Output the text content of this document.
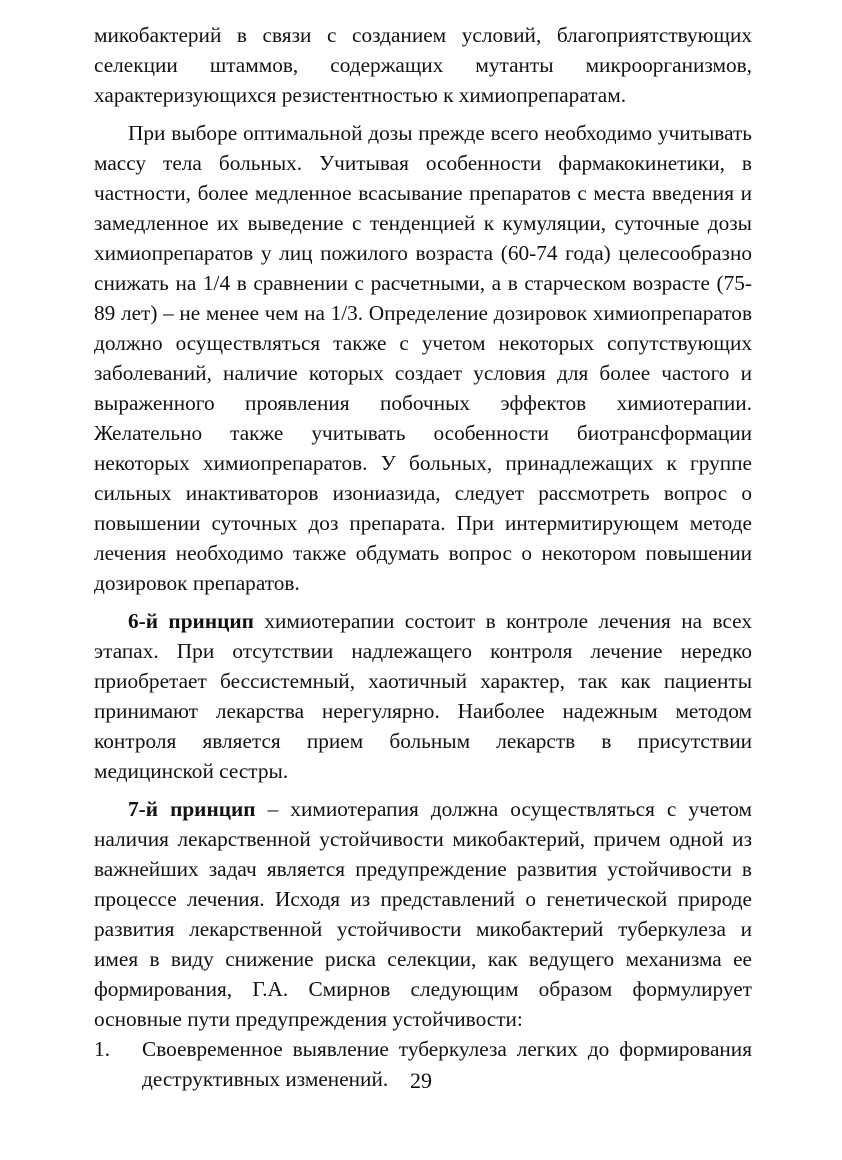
микобактерий в связи с созданием условий, благоприятствующих селекции штаммов, содержащих мутанты микроорганизмов, характеризующихся резистентностью к химиопрепаратам.

При выборе оптимальной дозы прежде всего необходимо учитывать массу тела больных. Учитывая особенности фармакокинетики, в частности, более медленное всасывание препаратов с места введения и замедленное их выведение с тенденцией к кумуляции, суточные дозы химиопрепаратов у лиц пожилого возраста (60-74 года) целесообразно снижать на 1/4 в сравнении с расчетными, а в старческом возрасте (75-89 лет) – не менее чем на 1/3. Определение дозировок химиопрепаратов должно осуществляться также с учетом некоторых сопутствующих заболеваний, наличие которых создает условия для более частого и выраженного проявления побочных эффектов химиотерапии. Желательно также учитывать особенности биотрансформации некоторых химиопрепаратов. У больных, принадлежащих к группе сильных инактиваторов изониазида, следует рассмотреть вопрос о повышении суточных доз препарата. При интермитирующем методе лечения необходимо также обдумать вопрос о некотором повышении дозировок препаратов.

6-й принцип химиотерапии состоит в контроле лечения на всех этапах. При отсутствии надлежащего контроля лечение нередко приобретает бессистемный, хаотичный характер, так как пациенты принимают лекарства нерегулярно. Наиболее надежным методом контроля является прием больным лекарств в присутствии медицинской сестры.

7-й принцип – химиотерапия должна осуществляться с учетом наличия лекарственной устойчивости микобактерий, причем одной из важнейших задач является предупреждение развития устойчивости в процессе лечения. Исходя из представлений о генетической природе развития лекарственной устойчивости микобактерий туберкулеза и имея в виду снижение риска селекции, как ведущего механизма ее формирования, Г.А. Смирнов следующим образом формулирует основные пути предупреждения устойчивости:

1. Своевременное выявление туберкулеза легких до формирования деструктивных изменений. 29
